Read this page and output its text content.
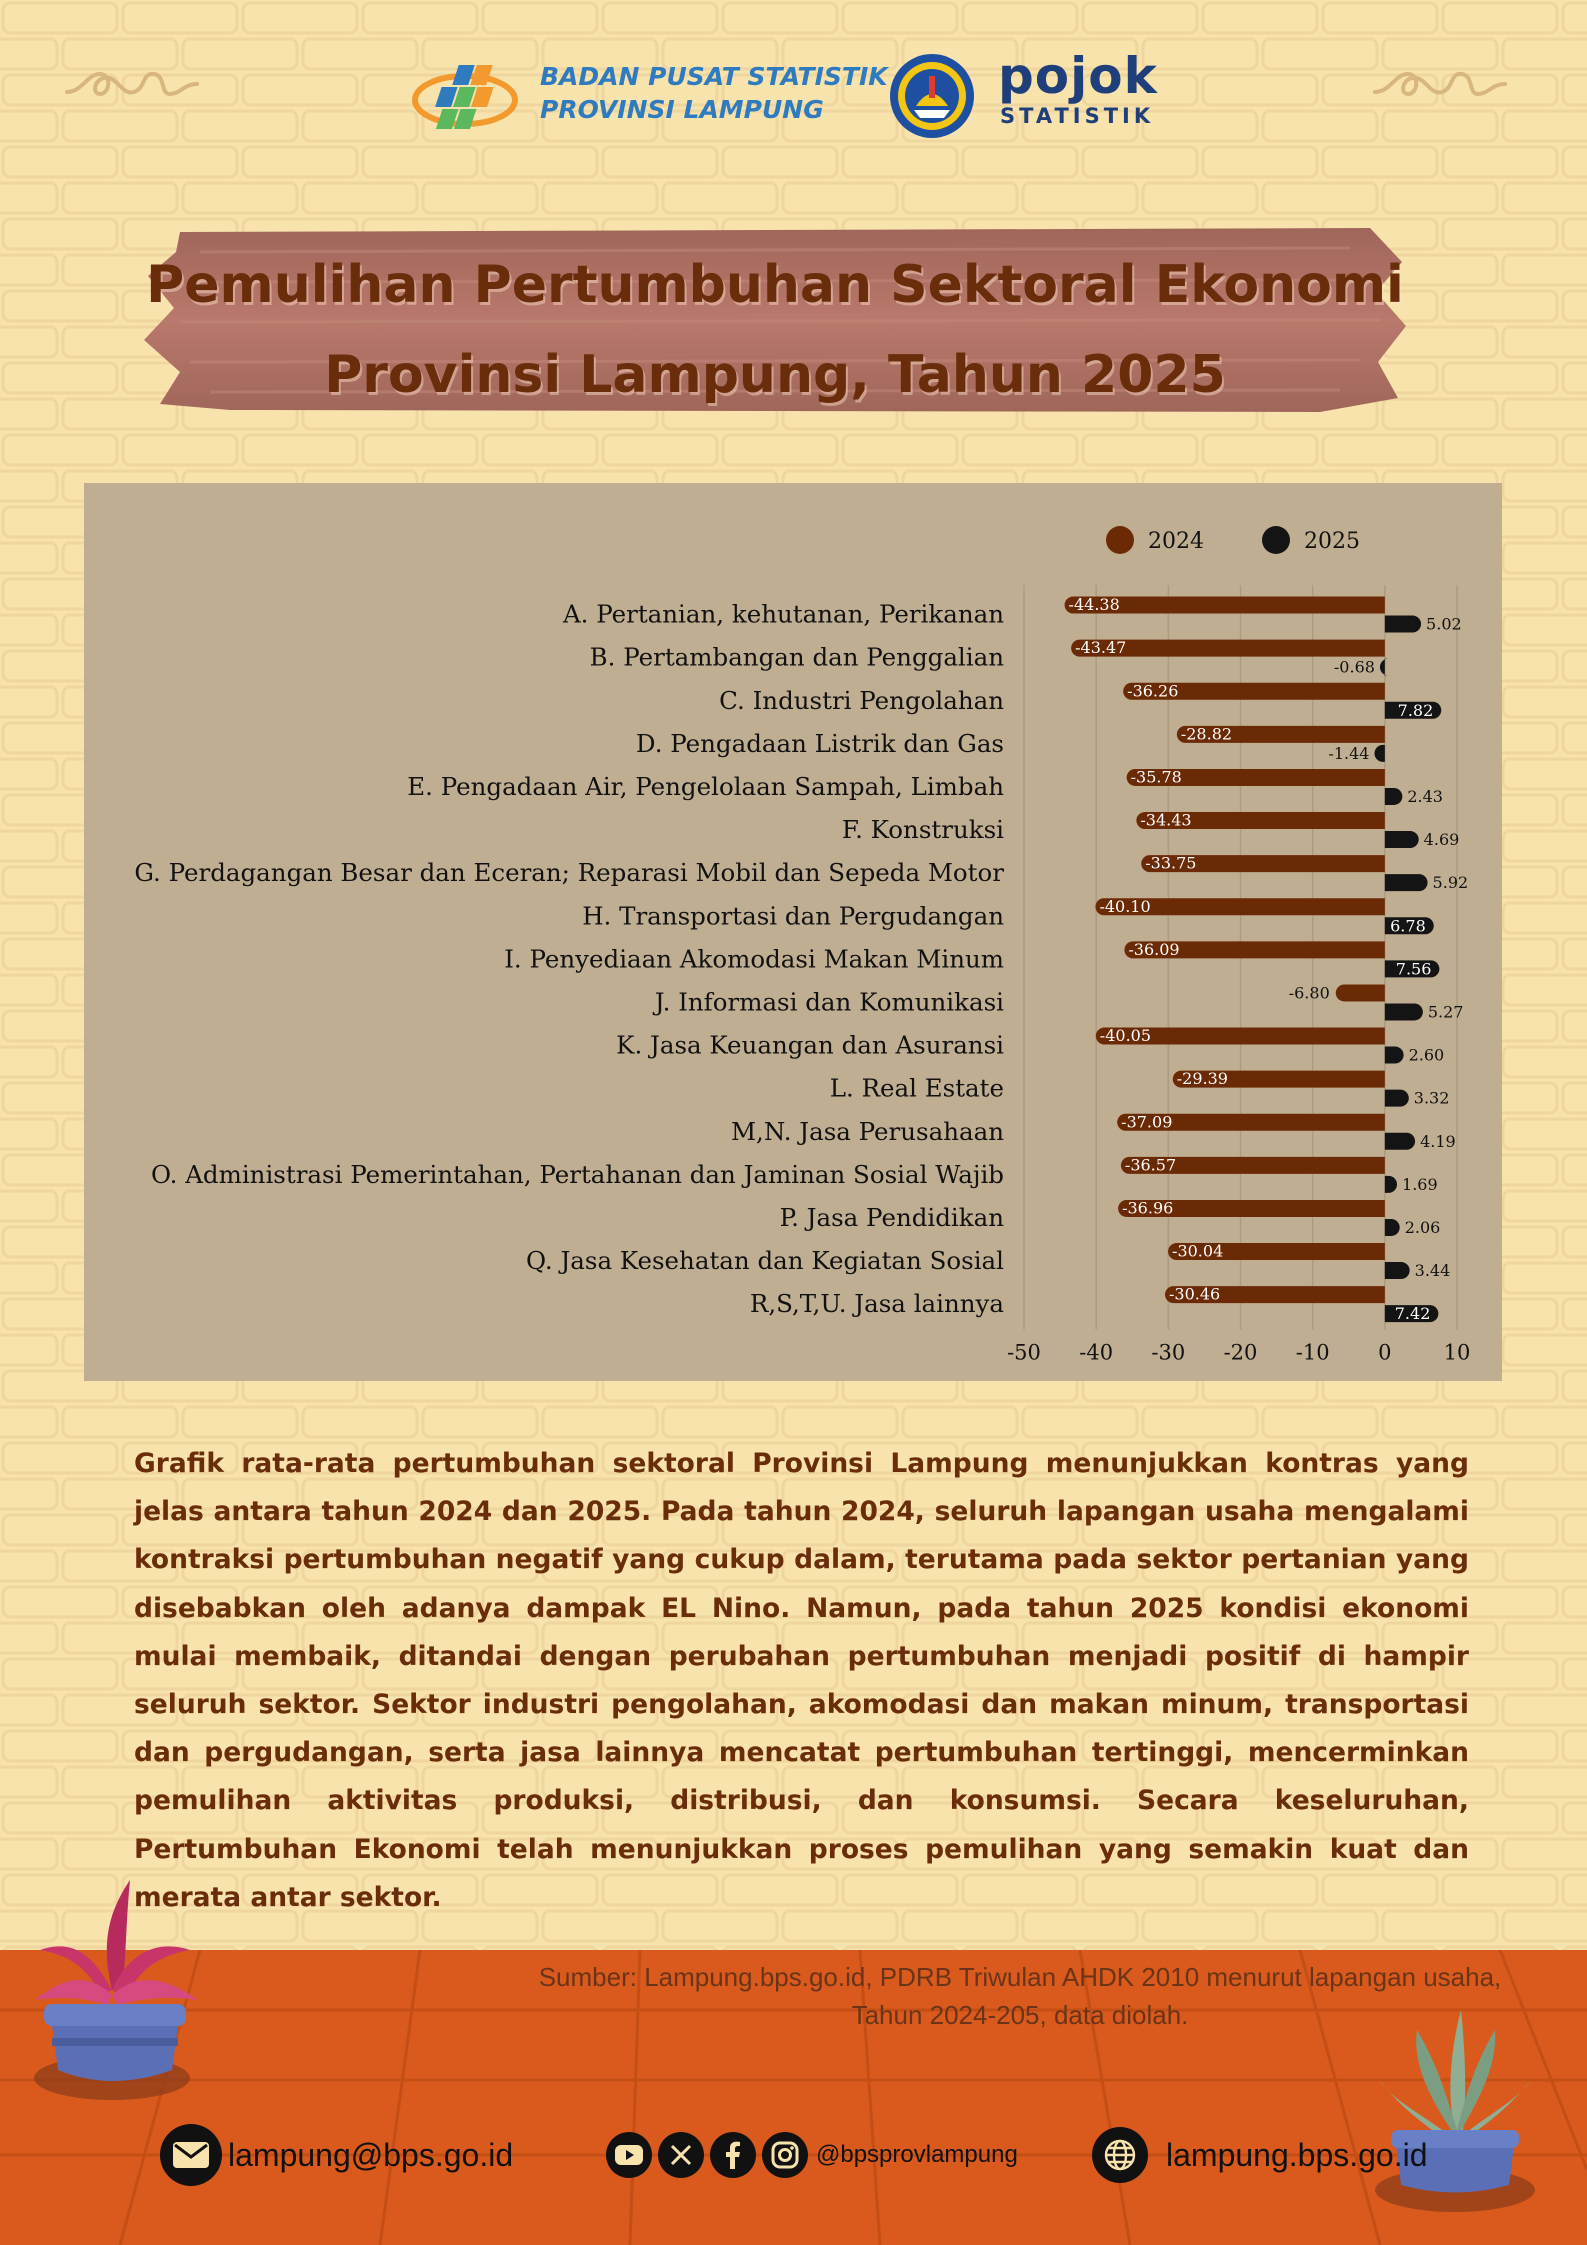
BADAN PUSAT STATISTIK
PROVINSI LAMPUNG
pojok
STATISTIK
Pemulihan Pertumbuhan Sektoral Ekonomi
Provinsi Lampung, Tahun 2025
-50 -40 -30 -20 -10 0 10
2024	2025
A. Pertanian, kehutanan, Perikanan	-44.38
5.02
B. Pertambangan dan Penggalian	-43.47
-0.68
C. Industri Pengolahan	-36.26
7.82
D. Pengadaan Listrik dan Gas	-28.82
-1.44
E. Pengadaan Air, Pengelolaan Sampah, Limbah	-35.78
2.43
F. Konstruksi	-34.43
4.69
G. Perdagangan Besar dan Eceran; Reparasi Mobil dan Sepeda Motor	-33.75
5.92
H. Transportasi dan Pergudangan	-40.10
6.78
I. Penyediaan Akomodasi Makan Minum	-36.09
7.56
J. Informasi dan Komunikasi	-6.80
5.27
K. Jasa Keuangan dan Asuransi	-40.05
2.60
L. Real Estate	-29.39
3.32
M,N. Jasa Perusahaan	-37.09
4.19
O. Administrasi Pemerintahan, Pertahanan dan Jaminan Sosial Wajib	-36.57
1.69
P. Jasa Pendidikan	-36.96
2.06
Q. Jasa Kesehatan dan Kegiatan Sosial	-30.04
3.44
R,S,T,U. Jasa lainnya	-30.46
7.42

Grafik rata-rata pertumbuhan sektoral Provinsi Lampung menunjukkan kontras yang jelas antara tahun 2024 dan 2025. Pada tahun 2024, seluruh lapangan usaha mengalami kontraksi pertumbuhan negatif yang cukup dalam, terutama pada sektor pertanian yang disebabkan oleh adanya dampak EL Nino. Namun, pada tahun 2025 kondisi ekonomi mulai membaik, ditandai dengan perubahan pertumbuhan menjadi positif di hampir seluruh sektor. Sektor industri pengolahan, akomodasi dan makan minum, transportasi dan pergudangan, serta jasa lainnya mencatat pertumbuhan tertinggi, mencerminkan pemulihan aktivitas produksi, distribusi, dan konsumsi. Secara keseluruhan, Pertumbuhan Ekonomi telah menunjukkan proses pemulihan yang semakin kuat dan merata antar sektor.

Sumber: Lampung.bps.go.id, PDRB Triwulan AHDK 2010 menurut lapangan usaha,
Tahun 2024-205, data diolah.
lampung@bps.go.id	@bpsprovlampung	lampung.bps.go.id
